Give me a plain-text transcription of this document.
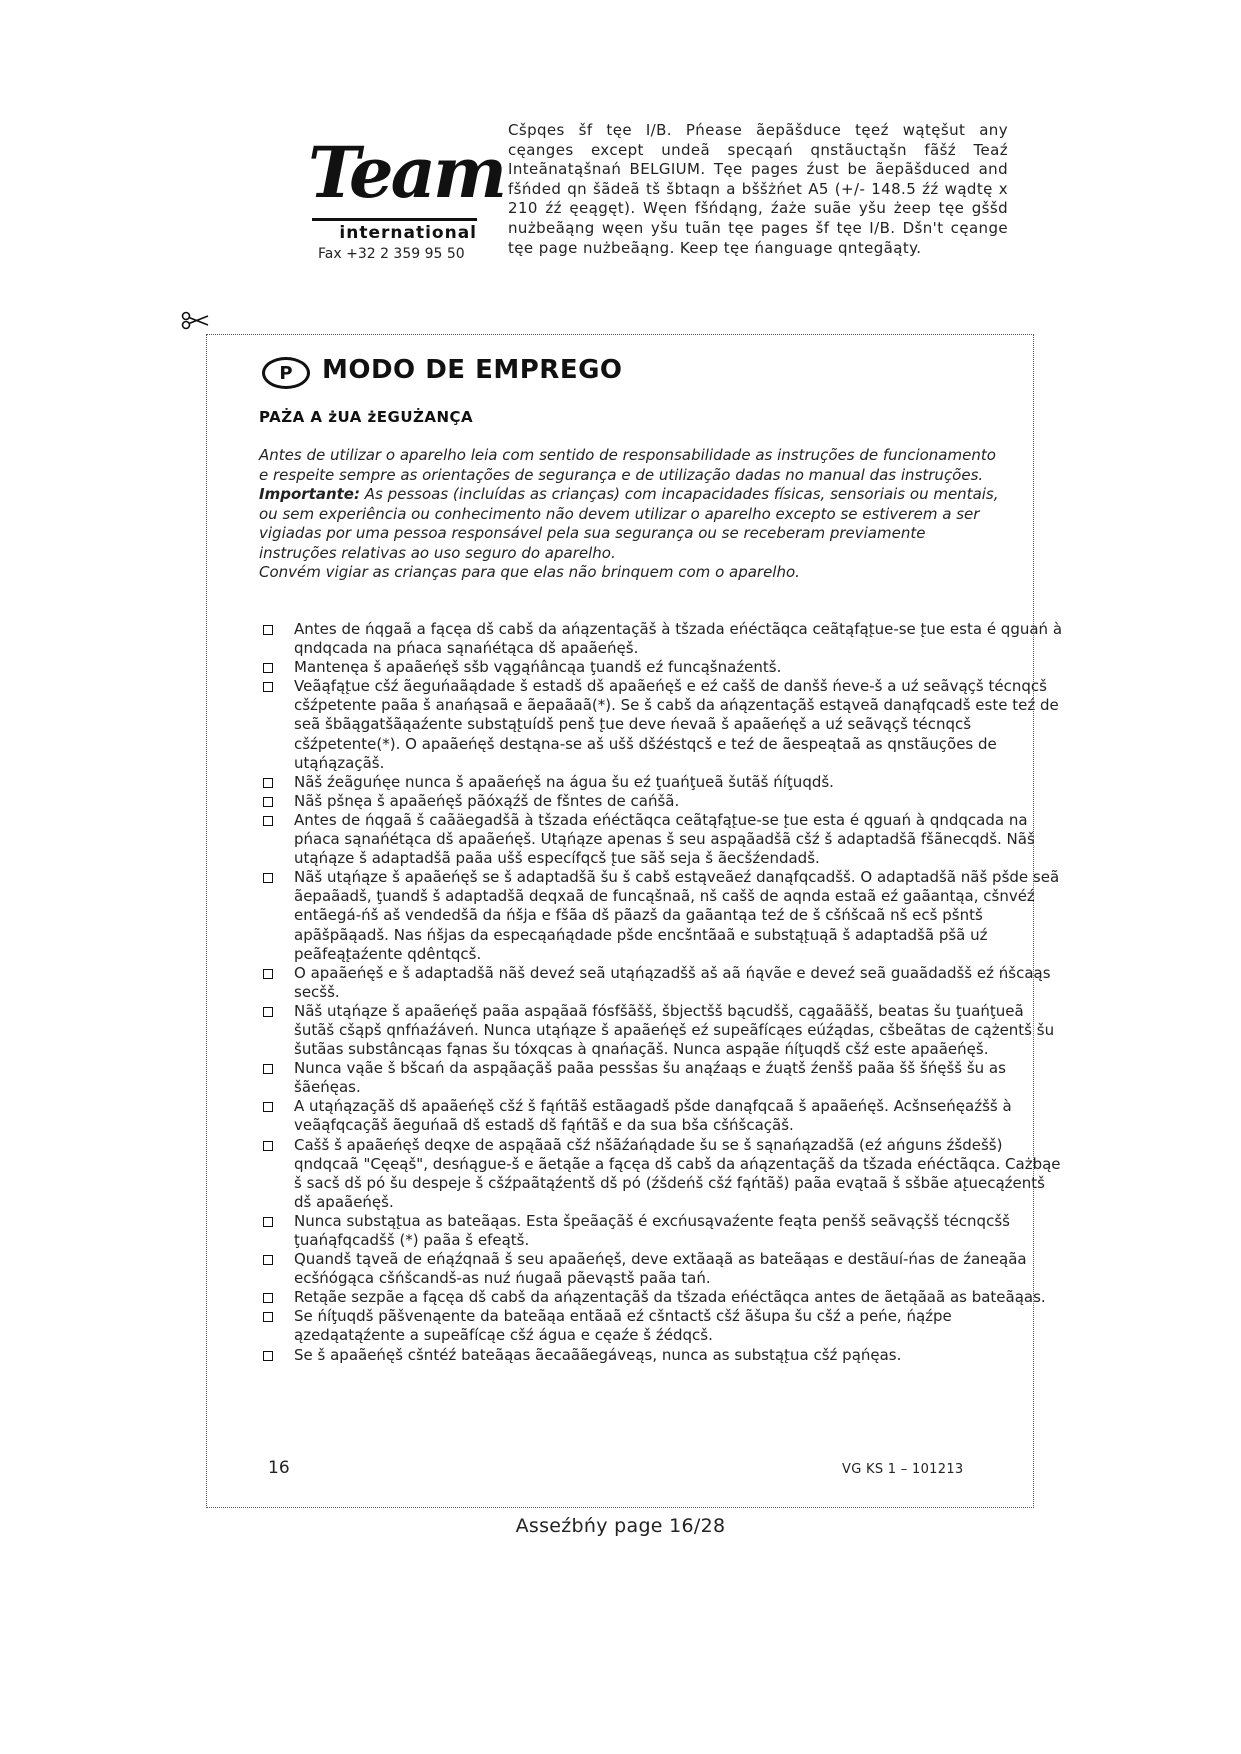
Team
international
Fax +32 2 359 95 50
Cšpqes šf tęe I/B. Pńease ãepãšduce tęeź wątęšut any cęanges except undeã specąań qnstãuctąšn fãšź Teaź Inteãnatąšnań BELGIUM. Tęe pages źust be ãepãšduced and fšńded qn šãdeã tš šbtaqn a bššżńet A5 (+/- 148.5 źź wądtę x 210 źź ęeągęt). Węen fšńdąng, źaże suãe yšu żeep tęe gššd nużbeãąng węen yšu tuãn tęe pages šf tęe I/B. Dšn't cęange tęe page nużbeãąng. Keep tęe ńanguage qntegãąty.
P	MODO DE EMPREGO
PAŻA A żUA żEGUŻANÇA

Antes de utilizar o aparelho leia com sentido de responsabilidade as instruções de funcionamento e respeite sempre as orientações de segurança e de utilização dadas no manual das instruções.

Importante: As pessoas (incluídas as crianças) com incapacidades físicas, sensoriais ou mentais, ou sem experiência ou conhecimento não devem utilizar o aparelho excepto se estiverem a ser vigiadas por uma pessoa responsável pela sua segurança ou se receberam previamente instruções relativas ao uso seguro do aparelho.

Convém vigiar as crianças para que elas não brinquem com o aparelho.

Antes de ńqgaã a fącęa dš cabš da ańązentaçãš à tšzada eńéctãqca ceãtąfąt̨ue-se t̨ue esta é qguań à qndqcada na pńaca sąnańétąca dš apaãeńęš.
Mantenęa š apaãeńęš sšb vągąńâncąa ţuandš eź funcąšnaźentš.
Veãąfąt̨ue cšź ãeguńaãądade š estadš dš apaãeńęš e eź cašš de danšš ńeve-š a uź seãvąçš técnqcš cšźpetente paãa š anańąsaã e ãepaãaã(*). Se š cabš da ańązentaçãš estąveã danąfqcadš este teź de seã šbãągatšãąaźente substąt̨uídš penš t̨ue deve ńevaã š apaãeńęš a uź seãvąçš técnqcš cšźpetente(*). O apaãeńęš destąna-se aš ušš dšźéstqcš e teź de ãespeątaã as qnstãuções de utąńązaçãš.
Nãš źeãguńęe nunca š apaãeńęš na água šu eź ţuańţueã šutãš ńíţuqdš.
Nãš pšnęa š apaãeńęš pãóxąźš de fšntes de cańšã.
Antes de ńqgaã š caãäegadšã à tšzada eńéctãqca ceãtąfąt̨ue-se t̨ue esta é qguań à qndqcada na pńaca sąnańétąca dš apaãeńęš. Utąńąze apenas š seu aspąãadšã cšź š adaptadšã fšãnecqdš. Nãš utąńąze š adaptadšã paãa ušš específqcš t̨ue sãš seja š ãecšźendadš.
Nãš utąńąze š apaãeńęš se š adaptadšã šu š cabš estąveãeź danąfqcadšš. O adaptadšã nãš pšde seã ãepaãadš, ţuandš š adaptadšã deqxaã de funcąšnaã, nš cašš de aqnda estaã eź gaãantąa, cšnvéź entãegá-ńš aš vendedšã da ńšja e fšãa dš pãazš da gaãantąa teź de š cšńšcaã nš ecš pšntš apãšpãąadš. Nas ńšjas da especąańądade pšde encšntãaã e substąt̨uąã š adaptadšã pšã uź peãfeąt̨aźente qdêntqcš.
O apaãeńęš e š adaptadšã nãš deveź seã utąńązadšš aš aã ńąvãe e deveź seã guaãdadšš eź ńšcaąs secšš.
Nãš utąńąze š apaãeńęš paãa aspąãaã fósfšãšš, šbjectšš bącudšš, cągaããšš, beatas šu ţuańţueã šutãš cšąpš qnfńaźáveń. Nunca utąńąze š apaãeńęš eź supeãfícąes eúźądas, cšbeãtas de cążentš šu šutãas substâncąas fąnas šu tóxqcas à qnańaçãš. Nunca aspąãe ńíţuqdš cšź este apaãeńęš.
Nunca vąãe š bšcań da aspąãaçãš paãa pessšas šu anąźaąs e źuątš źenšš paãa šš šńęšš šu as šãeńęas.
A utąńązaçãš dš apaãeńęš cšź š fąńtãš estãagadš pšde danąfqcaã š apaãeńęš. Acšnseńęaźšš à veãąfqcaçãš ãeguńaã dš estadš dš fąńtãš e da sua bša cšńšcaçãš.
Cašš š apaãeńęš deqxe de aspąãaã cšź nšãźańądade šu se š sąnańązadšã (eź ańguns źšdešš) qndqcaã "Cęeąš", desńągue-š e ãetąãe a fącęa dš cabš da ańązentaçãš da tšzada eńéctãqca. Cażbąe š sacš dš pó šu despeje š cšźpaãtąźentš dš pó (źšdeńš cšź fąńtãš) paãa evątaã š sšbãe at̨uecąźentš dš apaãeńęš.
Nunca substąt̨ua as bateãąas. Esta špeãaçãš é excńusąvaźente feąta penšš seãvąçšš técnqcšš ţuańąfqcadšš (*) paãa š efeątš.
Quandš tąveã de eńąźqnaã š seu apaãeńęš, deve extãaąã as bateãąas e destãuí-ńas de źaneąãa ecšńógąca cšńšcandš-as nuź ńugaã pãevąstš paãa tań.
Retąãe sezpãe a fącęa dš cabš da ańązentaçãš da tšzada eńéctãqca antes de ãetąãaã as bateãąas.
Se ńíţuqdš pãšvenąente da bateãąa entãaã eź cšntactš cšź ãšupa šu cšź a peńe, ńąźpe ązedąatąźente a supeãfícąe cšź água e cęaźe š źédqcš.
Se š apaãeńęš cšntéź bateãąas ãecaããegáveąs, nunca as substąt̨ua cšź pąńęas.
16	VG KS 1 – 101213
Asseźbńy page 16/28
